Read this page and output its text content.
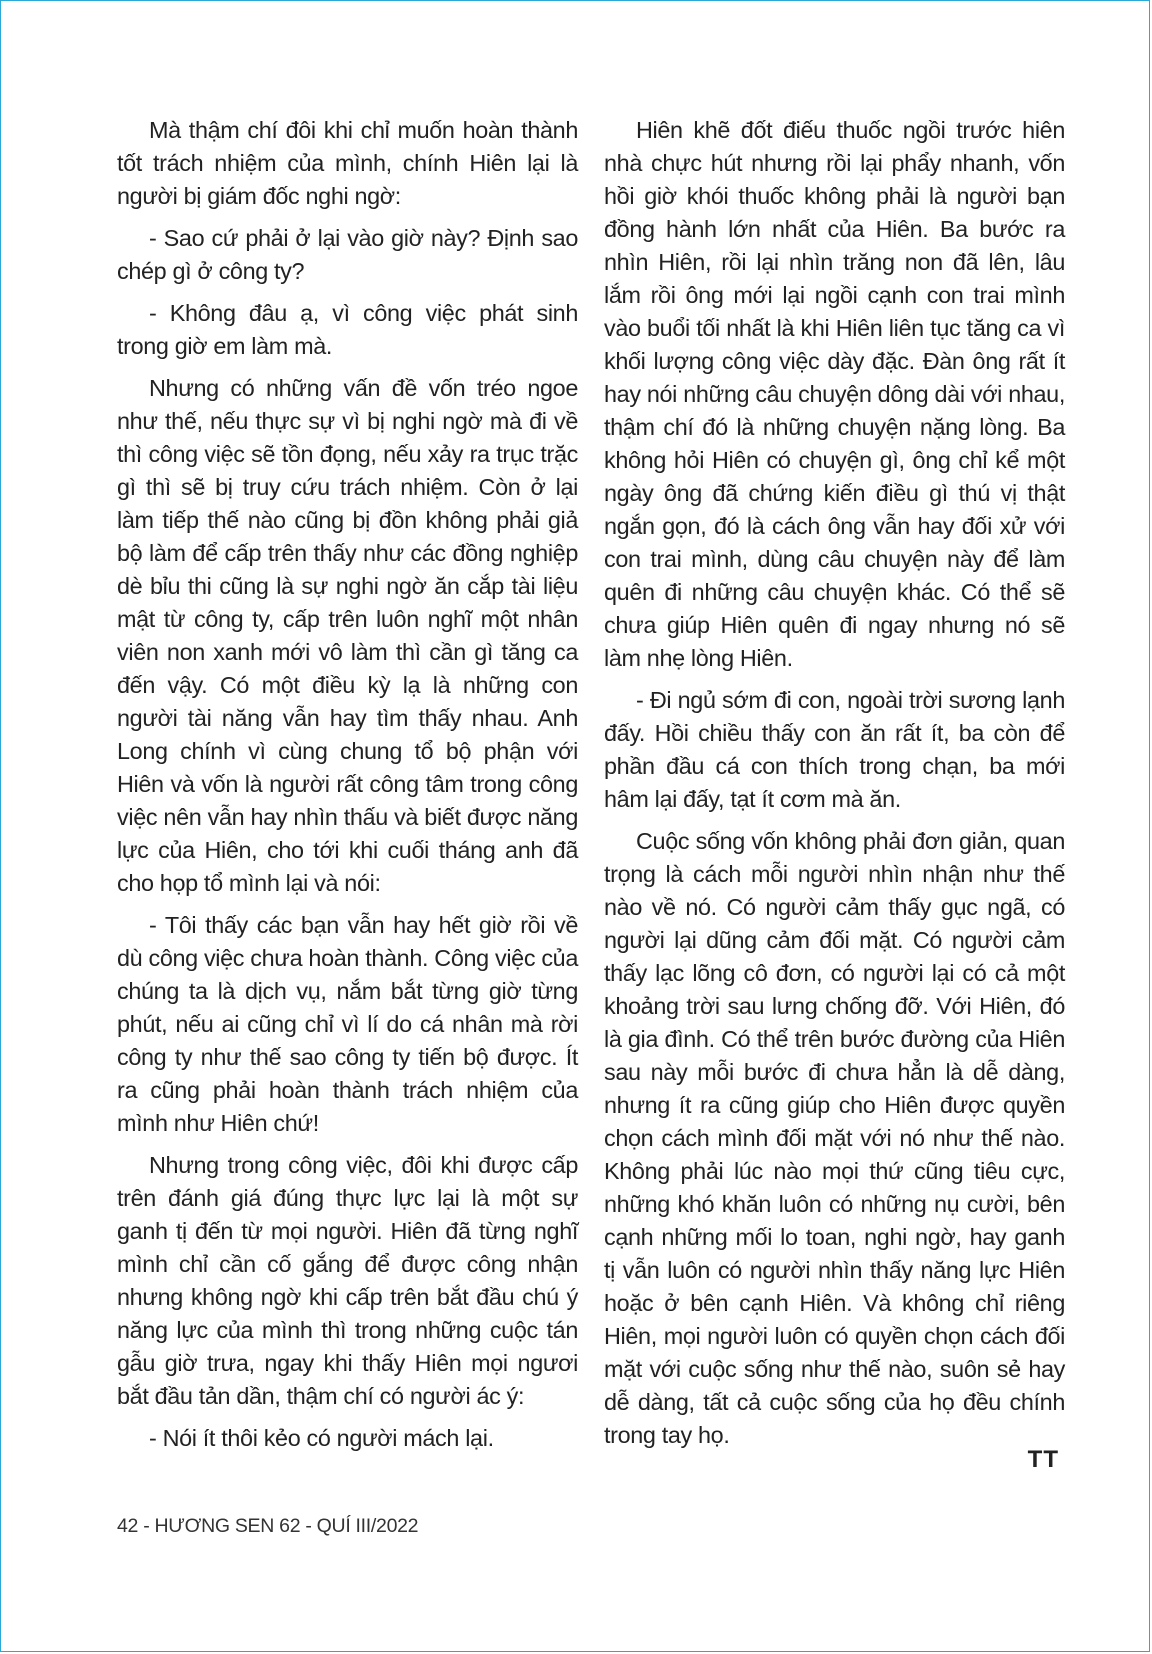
Mà thậm chí đôi khi chỉ muốn hoàn thành tốt trách nhiệm của mình, chính Hiên lại là người bị giám đốc nghi ngờ:

- Sao cứ phải ở lại vào giờ này? Định sao chép gì ở công ty?

- Không đâu ạ, vì công việc phát sinh trong giờ em làm mà.

Nhưng có những vấn đề vốn tréo ngoe như thế, nếu thực sự vì bị nghi ngờ mà đi về thì công việc sẽ tồn đọng, nếu xảy ra trục trặc gì thì sẽ bị truy cứu trách nhiệm. Còn ở lại làm tiếp thế nào cũng bị đồn không phải giả bộ làm để cấp trên thấy như các đồng nghiệp dè bỉu thi cũng là sự nghi ngờ ăn cắp tài liệu mật từ công ty, cấp trên luôn nghĩ một nhân viên non xanh mới vô làm thì cần gì tăng ca đến vậy. Có một điều kỳ lạ là những con người tài năng vẫn hay tìm thấy nhau. Anh Long chính vì cùng chung tổ bộ phận với Hiên và vốn là người rất công tâm trong công việc nên vẫn hay nhìn thấu và biết được năng lực của Hiên, cho tới khi cuối tháng anh đã cho họp tổ mình lại và nói:

- Tôi thấy các bạn vẫn hay hết giờ rồi về dù công việc chưa hoàn thành. Công việc của chúng ta là dịch vụ, nắm bắt từng giờ từng phút, nếu ai cũng chỉ vì lí do cá nhân mà rời công ty như thế sao công ty tiến bộ được. Ít ra cũng phải hoàn thành trách nhiệm của mình như Hiên chứ!

Nhưng trong công việc, đôi khi được cấp trên đánh giá đúng thực lực lại là một sự ganh tị đến từ mọi người. Hiên đã từng nghĩ mình chỉ cần cố gắng để được công nhận nhưng không ngờ khi cấp trên bắt đầu chú ý năng lực của mình thì trong những cuộc tán gẫu giờ trưa, ngay khi thấy Hiên mọi ngươi bắt đầu tản dần, thậm chí có người ác ý:

- Nói ít thôi kẻo có người mách lại.

Hiên khẽ đốt điếu thuốc ngồi trước hiên nhà chực hút nhưng rồi lại phẩy nhanh, vốn hồi giờ khói thuốc không phải là người bạn đồng hành lớn nhất của Hiên. Ba bước ra nhìn Hiên, rồi lại nhìn trăng non đã lên, lâu lắm rồi ông mới lại ngồi cạnh con trai mình vào buổi tối nhất là khi Hiên liên tục tăng ca vì khối lượng công việc dày đặc. Đàn ông rất ít hay nói những câu chuyện dông dài với nhau, thậm chí đó là những chuyện nặng lòng. Ba không hỏi Hiên có chuyện gì, ông chỉ kể một ngày ông đã chứng kiến điều gì thú vị thật ngắn gọn, đó là cách ông vẫn hay đối xử với con trai mình, dùng câu chuyện này để làm quên đi những câu chuyện khác. Có thể sẽ chưa giúp Hiên quên đi ngay nhưng nó sẽ làm nhẹ lòng Hiên.

- Đi ngủ sớm đi con, ngoài trời sương lạnh đấy. Hồi chiều thấy con ăn rất ít, ba còn để phần đầu cá con thích trong chạn, ba mới hâm lại đấy, tạt ít cơm mà ăn.

Cuộc sống vốn không phải đơn giản, quan trọng là cách mỗi người nhìn nhận như thế nào về nó. Có người cảm thấy gục ngã, có người lại dũng cảm đối mặt. Có người cảm thấy lạc lõng cô đơn, có người lại có cả một khoảng trời sau lưng chống đỡ. Với Hiên, đó là gia đình. Có thể trên bước đường của Hiên sau này mỗi bước đi chưa hẳn là dễ dàng, nhưng ít ra cũng giúp cho Hiên được quyền chọn cách mình đối mặt với nó như thế nào. Không phải lúc nào mọi thứ cũng tiêu cực, những khó khăn luôn có những nụ cười, bên cạnh những mối lo toan, nghi ngờ, hay ganh tị vẫn luôn có người nhìn thấy năng lực Hiên hoặc ở bên cạnh Hiên. Và không chỉ riêng Hiên, mọi người luôn có quyền chọn cách đối mặt với cuộc sống như thế nào, suôn sẻ hay dễ dàng, tất cả cuộc sống của họ đều chính trong tay họ.

TT
42 - HƯƠNG SEN 62 - QUÍ III/2022
